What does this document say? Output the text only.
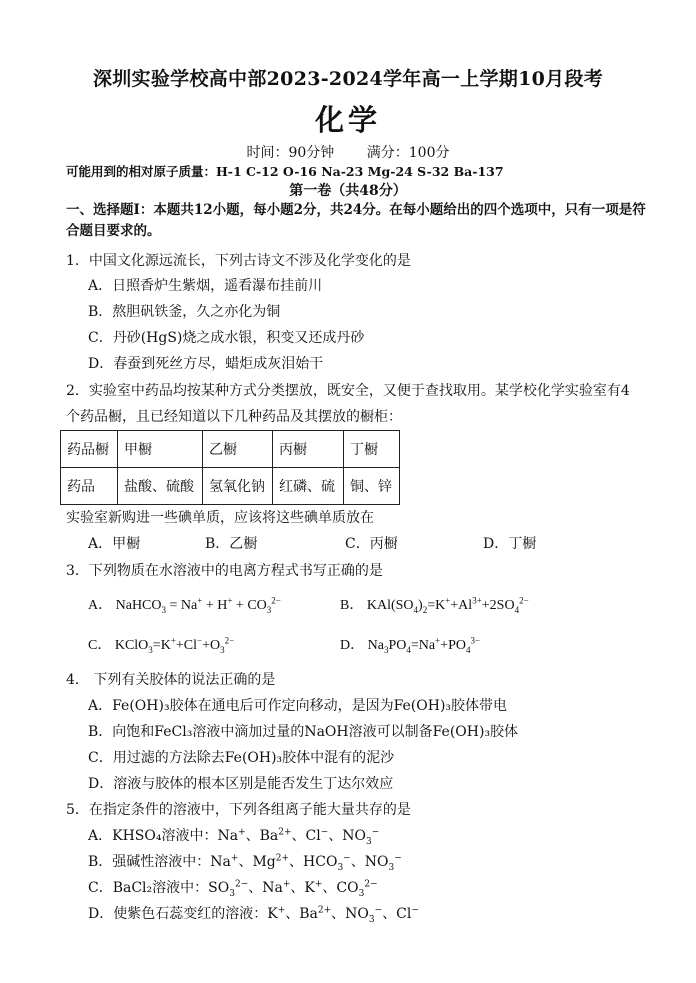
深圳实验学校高中部2023-2024学年高一上学期10月段考
化学
时间：90分钟 满分：100分
可能用到的相对原子质量：H-1 C-12 O-16 Na-23 Mg-24 S-32 Ba-137
第一卷（共48分）
一、选择题Ⅰ：本题共12小题，每小题2分，共24分。在每小题给出的四个选项中，只有一项是符合题目要求的。
1．中国文化源远流长，下列古诗文不涉及化学变化的是
A．日照香炉生紫烟，遥看瀑布挂前川
B．熬胆矾铁釜，久之亦化为铜
C．丹砂(HgS)烧之成水银，积变又还成丹砂
D．春蚕到死丝方尽，蜡炬成灰泪始干
2．实验室中药品均按某种方式分类摆放，既安全，又便于查找取用。某学校化学实验室有4
个药品橱，且已经知道以下几种药品及其摆放的橱柜：
药品橱	甲橱	乙橱	丙橱	丁橱
药品	盐酸、硫酸	氢氧化钠	红磷、硫	铜、锌
实验室新购进一些碘单质，应该将这些碘单质放在
A．甲橱	B．乙橱	C．丙橱	D．丁橱
3．下列物质在水溶液中的电离方程式书写正确的是
A． NaHCO$_3$ = $Na^+ + H^+ + CO_3^{2-}$	B． $KAl(SO_4)_2=K^++Al^{3+}+2SO_4^{2-}$
C． $KClO_3=K^++Cl^-+O_3^{2-}$	D． $Na_3PO_4=Na^++PO_4^{3-}$
4． 下列有关胶体的说法正确的是
A．Fe(OH)₃胶体在通电后可作定向移动，是因为Fe(OH)₃胶体带电
B．向饱和FeCl₃溶液中滴加过量的NaOH溶液可以制备Fe(OH)₃胶体
C．用过滤的方法除去Fe(OH)₃胶体中混有的泥沙
D．溶液与胶体的根本区别是能否发生丁达尔效应
5．在指定条件的溶液中，下列各组离子能大量共存的是
A．KHSO₄溶液中：Na+、$Ba^{2+}$、Cl−、$NO_3^-$
B．强碱性溶液中：Na+、$Mg^{2+}$、$HCO_3^-$、$NO_3^-$
C．BaCl₂溶液中：$SO_3^{2-}$、Na+、K+、$CO_3^{2-}$
D．使紫色石蕊变红的溶液：K+、$Ba^{2+}$、$NO_3^-$、Cl−
